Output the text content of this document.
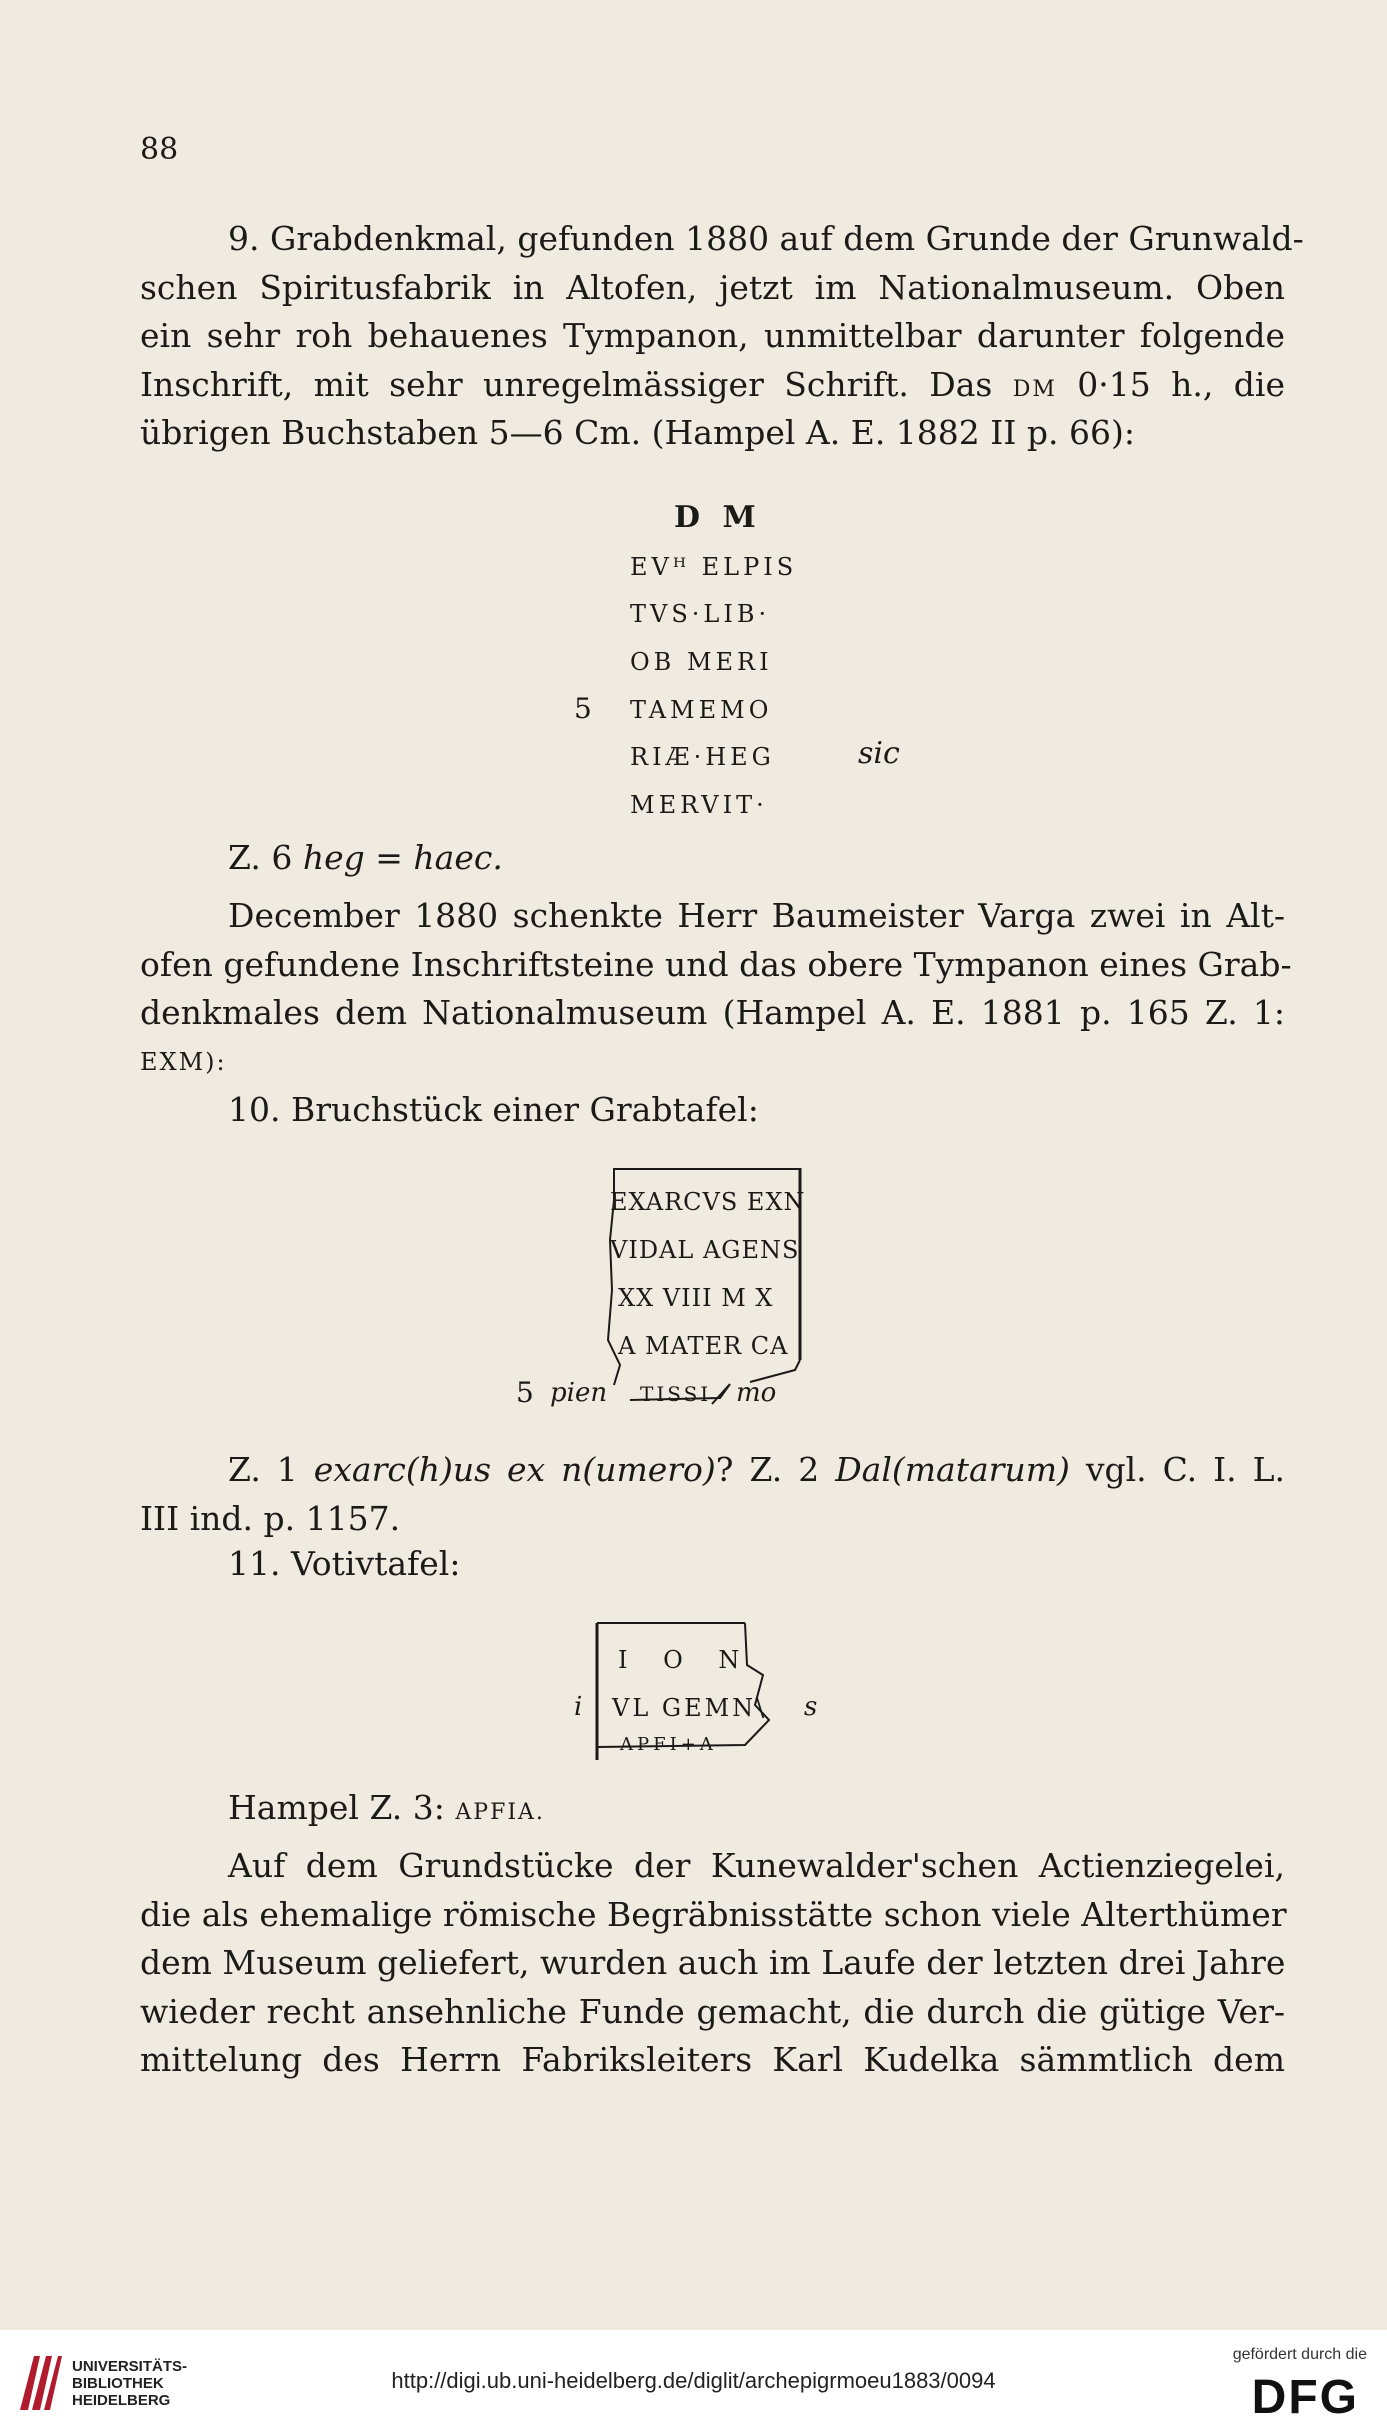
88
9. Grabdenkmal, gefunden 1880 auf dem Grunde der Grunwald-
schen Spiritusfabrik in Altofen, jetzt im Nationalmuseum. Oben
ein sehr roh behauenes Tympanon, unmittelbar darunter folgende
Inschrift, mit sehr unregelmässiger Schrift. Das DM 0·15 h., die
übrigen Buchstaben 5—6 Cm. (Hampel A. E. 1882 II p. 66):
D M
EVᴴ ELPIS
TVS·LIB·
OB MERI
5 TAMEMO
RIÆ·HEG	sic
MERVIT·
Z. 6 heg = haec.
December 1880 schenkte Herr Baumeister Varga zwei in Alt-
ofen gefundene Inschriftsteine und das obere Tympanon eines Grab-
denkmales dem Nationalmuseum (Hampel A. E. 1881 p. 165 Z. 1:
EXM):
10. Bruchstück einer Grabtafel:
EXARCVS EXN
VIDAL AGENS
XX VIII M X
A MATER CA
5 pien TISSI mo
Z. 1 exarc(h)us ex n(umero)? Z. 2 Dal(matarum) vgl. C. I. L.
III ind. p. 1157.
11. Votivtafel:
I O N
i VL GEMN\ s
APFI+A
Hampel Z. 3: APFIA.
Auf dem Grundstücke der Kunewalder'schen Actienziegelei,
die als ehemalige römische Begräbnisstätte schon viele Alterthümer
dem Museum geliefert, wurden auch im Laufe der letzten drei Jahre
wieder recht ansehnliche Funde gemacht, die durch die gütige Ver-
mittelung des Herrn Fabriksleiters Karl Kudelka sämmtlich dem
UNIVERSITÄTS-
BIBLIOTHEK
HEIDELBERG
http://digi.ub.uni-heidelberg.de/diglit/archepigrmoeu1883/0094
gefördert durch die
DFG
